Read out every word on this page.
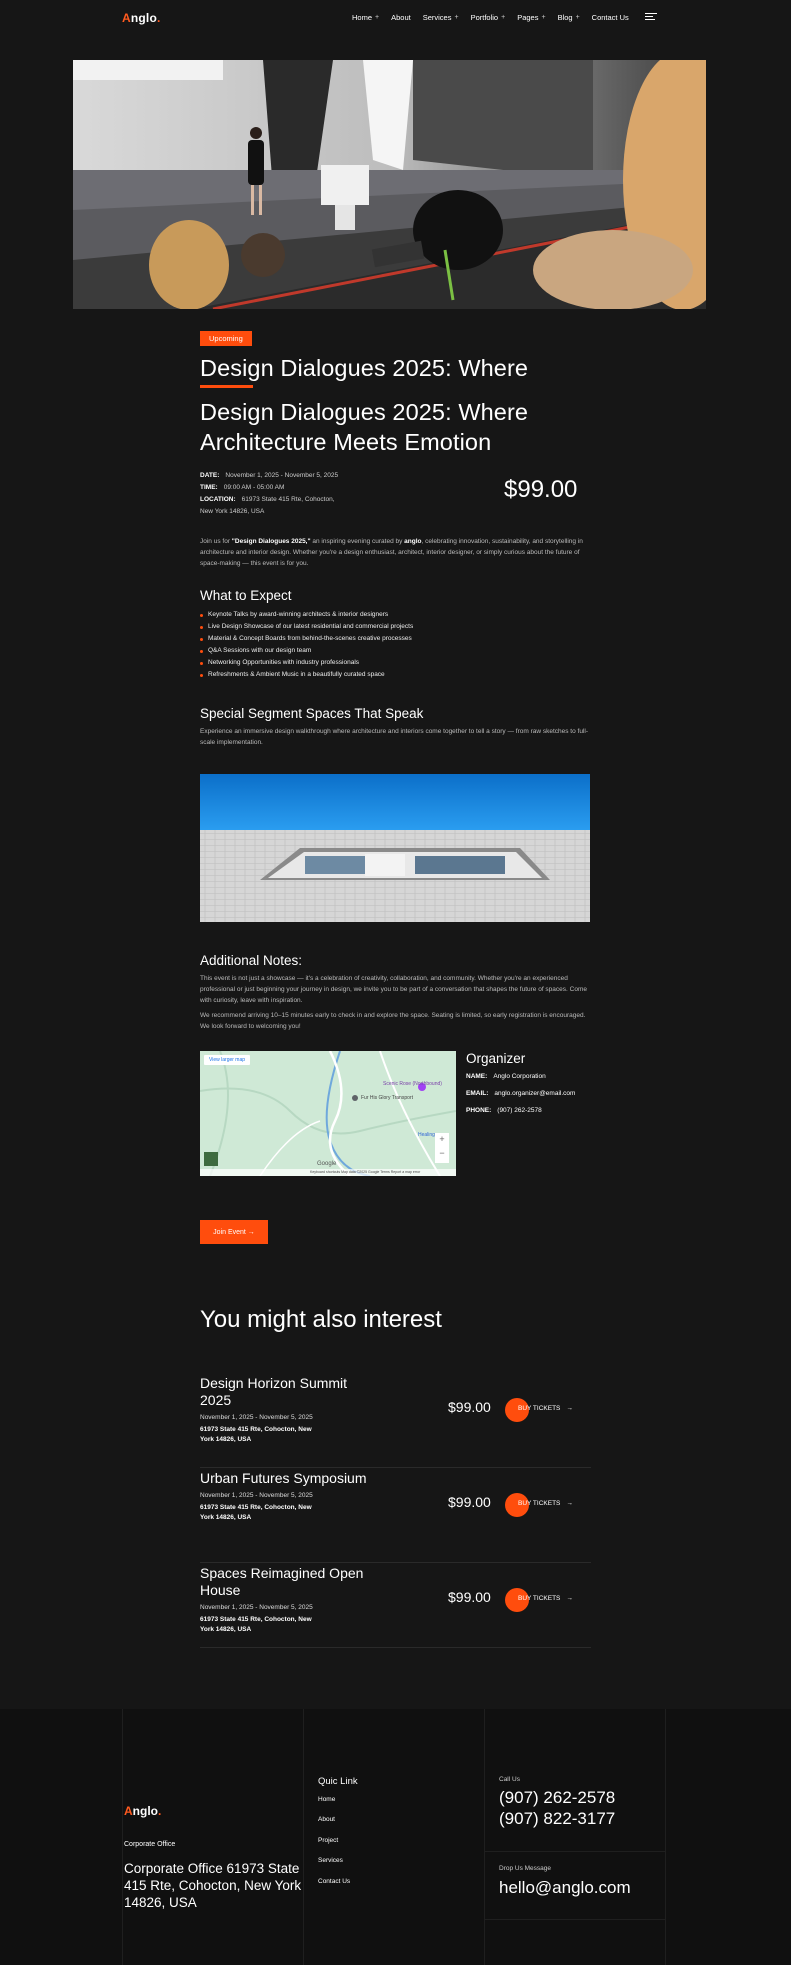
Anglo.	Home + About Services + Portfolio + Pages + Blog + Contact Us
Upcoming
Design Dialogues 2025: Where
Design Dialogues 2025: Where
Architecture Meets Emotion
DATE: November 1, 2025 - November 5, 2025
TIME: 09:00 AM - 05:00 AM
LOCATION: 61973 State 415 Rte, Cohocton,
New York 14826, USA
$99.00
Join us for "Design Dialogues 2025," an inspiring evening curated by anglo, celebrating innovation, sustainability, and storytelling in architecture and interior design. Whether you're a design enthusiast, architect, interior designer, or simply curious about the future of space-making — this event is for you.
What to Expect
Keynote Talks by award-winning architects & interior designers
Live Design Showcase of our latest residential and commercial projects
Material & Concept Boards from behind-the-scenes creative processes
Q&A Sessions with our design team
Networking Opportunities with industry professionals
Refreshments & Ambient Music in a beautifully curated space
Special Segment Spaces That Speak
Experience an immersive design walkthrough where architecture and interiors come together to tell a story — from raw sketches to full-scale implementation.
Additional Notes:
This event is not just a showcase — it's a celebration of creativity, collaboration, and community. Whether you're an experienced professional or just beginning your journey in design, we invite you to be part of a conversation that shapes the future of spaces. Come with curiosity, leave with inspiration.
We recommend arriving 10–15 minutes early to check in and explore the space. Seating is limited, so early registration is encouraged. We look forward to welcoming you!
View larger map
Scenic Rose (Northbound)
Fur His Glory Transport
Healing +
−
Google
Keyboard shortcuts Map data ©2025 Google Terms Report a map error
Organizer
NAME: Anglo Corporation
EMAIL: anglo.organizer@email.com
PHONE: (907) 262-2578
Join Event →
You might also interest
Design Horizon Summit 2025
November 1, 2025 - November 5, 2025
61973 State 415 Rte, Cohocton, New York 14826, USA
$99.00	BUY TICKETS →
Urban Futures Symposium
November 1, 2025 - November 5, 2025
61973 State 415 Rte, Cohocton, New York 14826, USA
$99.00	BUY TICKETS →
Spaces Reimagined Open House
November 1, 2025 - November 5, 2025
61973 State 415 Rte, Cohocton, New York 14826, USA
$99.00	BUY TICKETS →
Anglo.
Corporate Office
Corporate Office 61973 State 415 Rte, Cohocton, New York 14826, USA
Quic Link
Home
About
Project
Services
Contact Us
Call Us
(907) 262-2578
(907) 822-3177
Drop Us Message
hello@anglo.com
